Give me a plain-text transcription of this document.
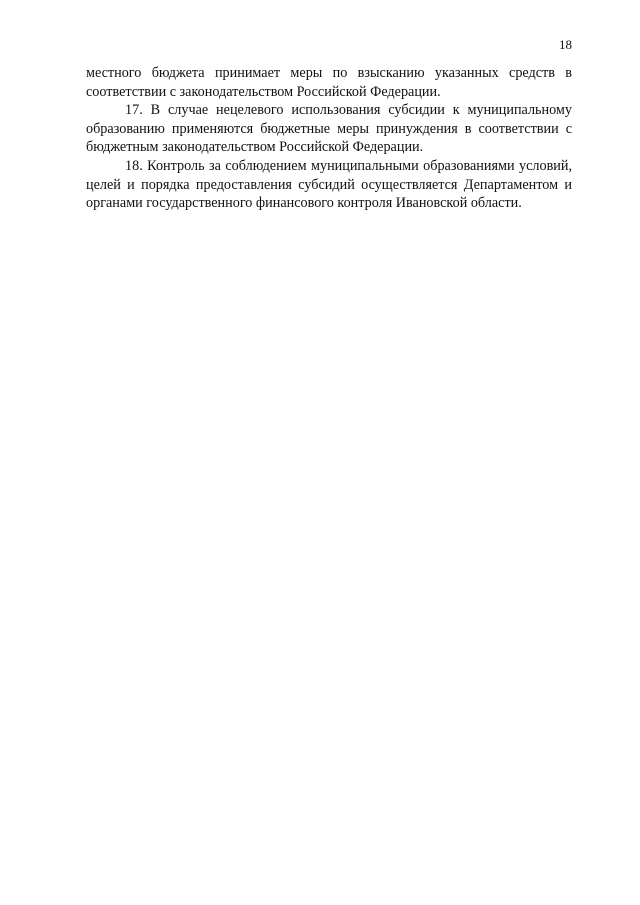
18

местного бюджета принимает меры по взысканию указанных средств в соответствии с законодательством Российской Федерации.

17. В случае нецелевого использования субсидии к муниципальному образованию применяются бюджетные меры принуждения в соответствии с бюджетным законодательством Российской Федерации.

18. Контроль за соблюдением муниципальными образованиями условий, целей и порядка предоставления субсидий осуществляется Департаментом и органами государственного финансового контроля Ивановской области.
